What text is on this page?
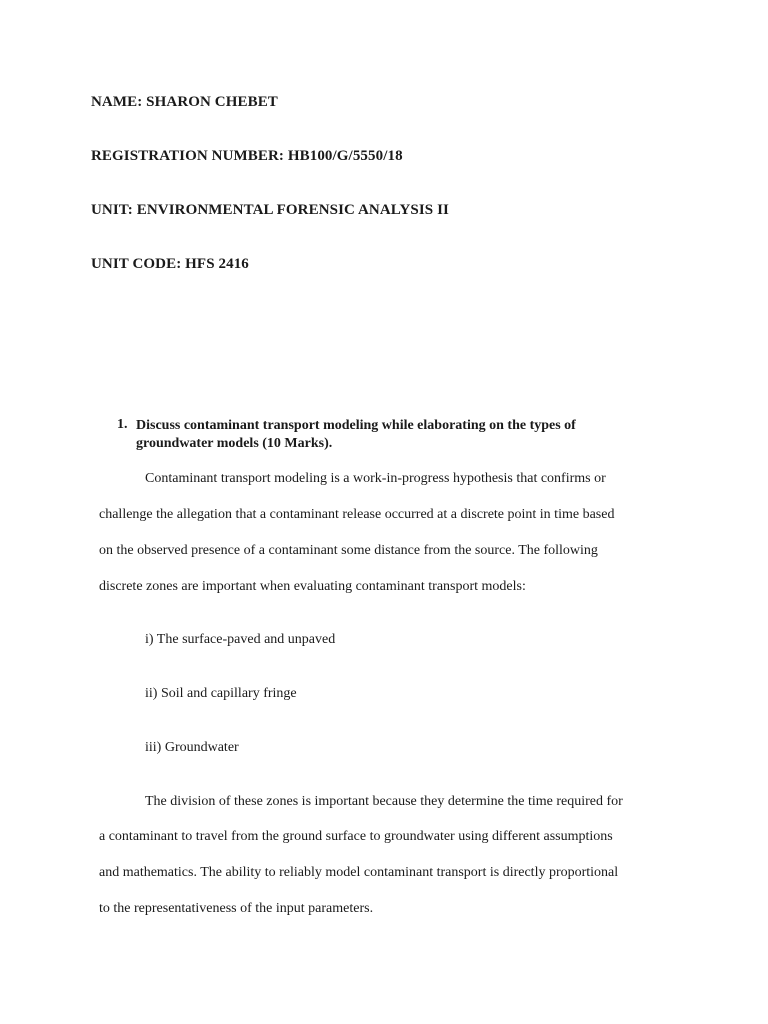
NAME: SHARON CHEBET
REGISTRATION NUMBER: HB100/G/5550/18
UNIT: ENVIRONMENTAL FORENSIC ANALYSIS II
UNIT CODE: HFS 2416
1. Discuss contaminant transport modeling while elaborating on the types of groundwater models (10 Marks).
Contaminant transport modeling is a work-in-progress hypothesis that confirms or
challenge the allegation that a contaminant release occurred at a discrete point in time based
on the observed presence of a contaminant some distance from the source. The following
discrete zones are important when evaluating contaminant transport models:
i) The surface-paved and unpaved
ii) Soil and capillary fringe
iii) Groundwater
The division of these zones is important because they determine the time required for
a contaminant to travel from the ground surface to groundwater using different assumptions
and mathematics. The ability to reliably model contaminant transport is directly proportional
to the representativeness of the input parameters.
